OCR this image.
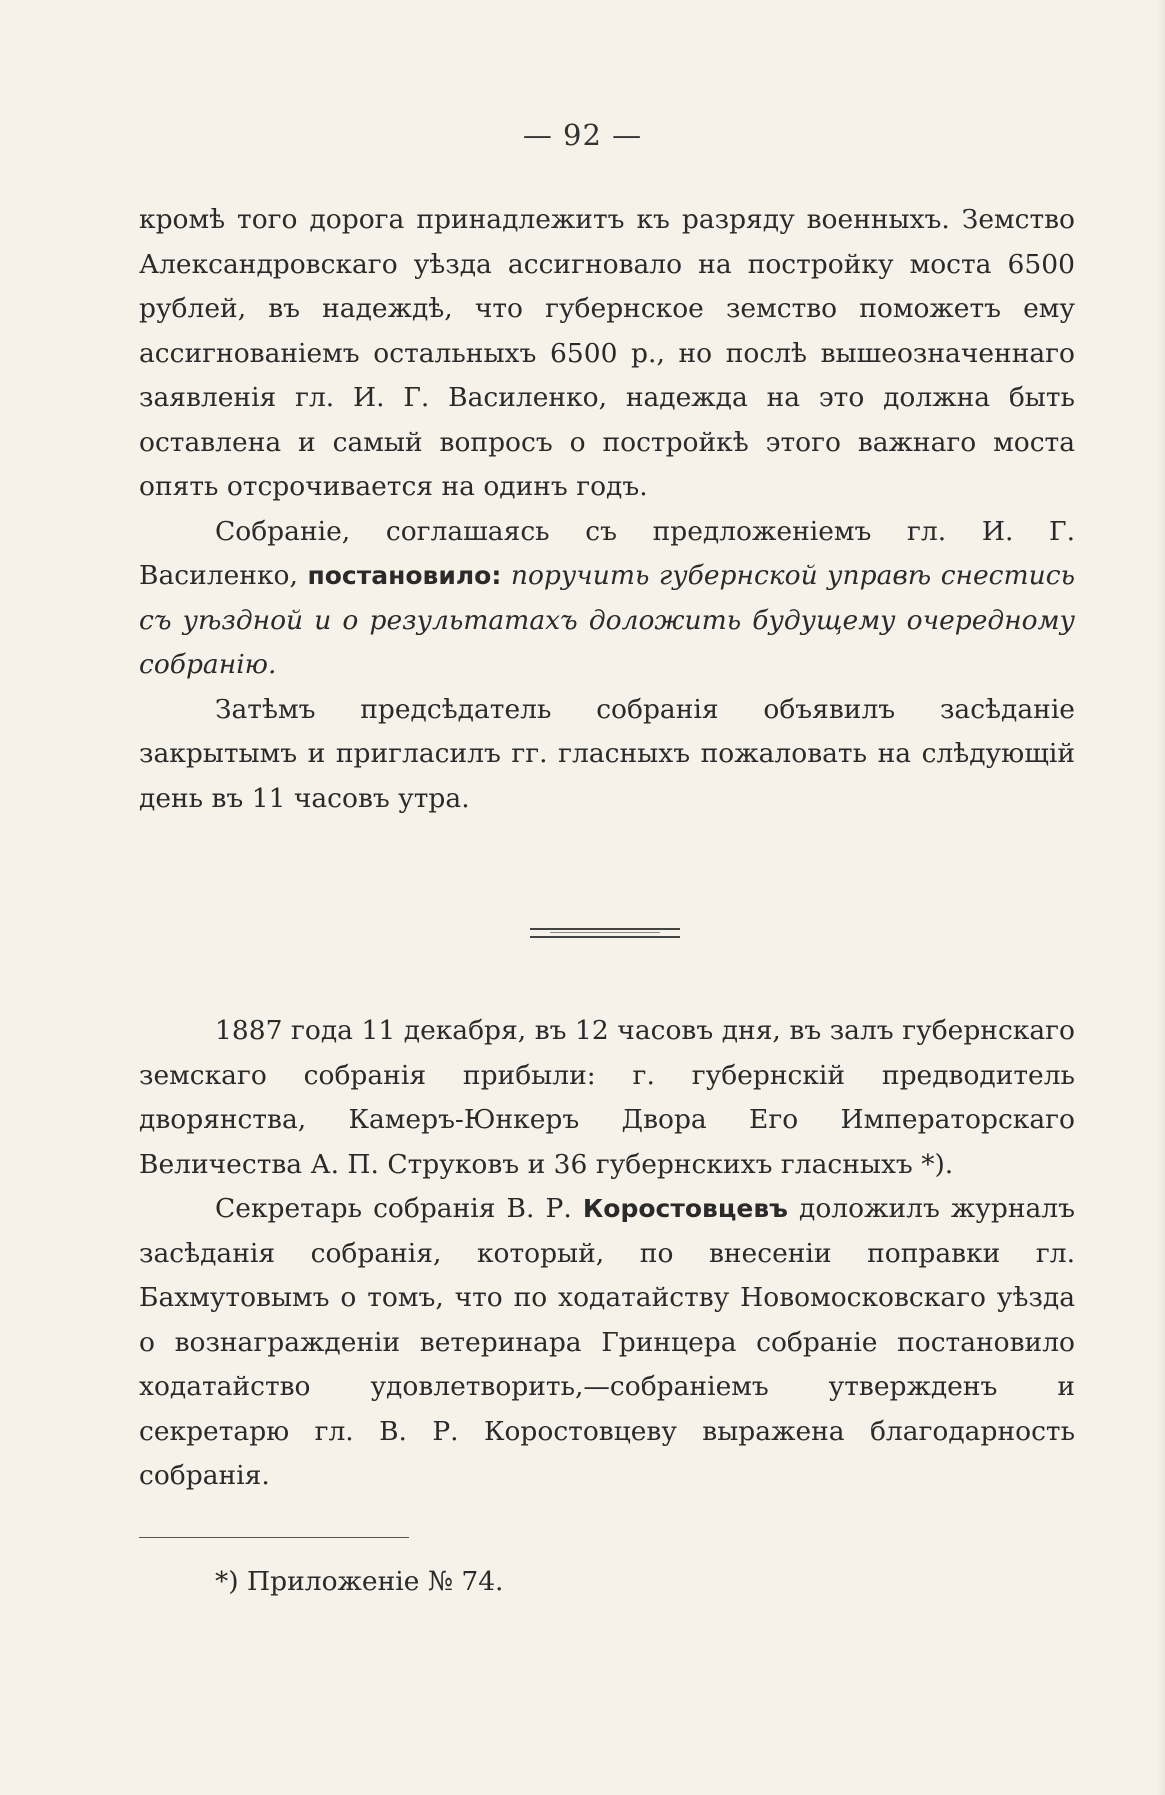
— 92 —

кромѣ того дорога принадлежитъ къ разряду военныхъ. Земство Александровскаго уѣзда ассигновало на постройку моста 6500 рублей, въ надеждѣ, что губернское земство поможетъ ему ассигнованіемъ остальныхъ 6500 р., но послѣ вышеозначеннаго заявленія гл. И. Г. Василенко, надежда на это должна быть оставлена и самый вопросъ о постройкѣ этого важнаго моста опять отсрочивается на одинъ годъ.

Собраніе, соглашаясь съ предложеніемъ гл. И. Г. Василенко, постановило: поручить губернской управѣ снестись съ уѣздной и о результатахъ доложить будущему очередному собранію.

Затѣмъ предсѣдатель собранія объявилъ засѣданіе закрытымъ и пригласилъ гг. гласныхъ пожаловать на слѣдующій день въ 11 часовъ утра.

1887 года 11 декабря, въ 12 часовъ дня, въ залъ губернскаго земскаго собранія прибыли: г. губернскій предводитель дворянства, Камеръ-Юнкеръ Двора Его Императорскаго Величества А. П. Струковъ и 36 губернскихъ гласныхъ *).

Секретарь собранія В. Р. Коростовцевъ доложилъ журналъ засѣданія собранія, который, по внесеніи поправки гл. Бахмутовымъ о томъ, что по ходатайству Новомосковскаго уѣзда о вознагражденіи ветеринара Гринцера собраніе постановило ходатайство удовлетворить,—собраніемъ утвержденъ и секретарю гл. В. Р. Коростовцеву выражена благодарность собранія.

*) Приложеніе № 74.
